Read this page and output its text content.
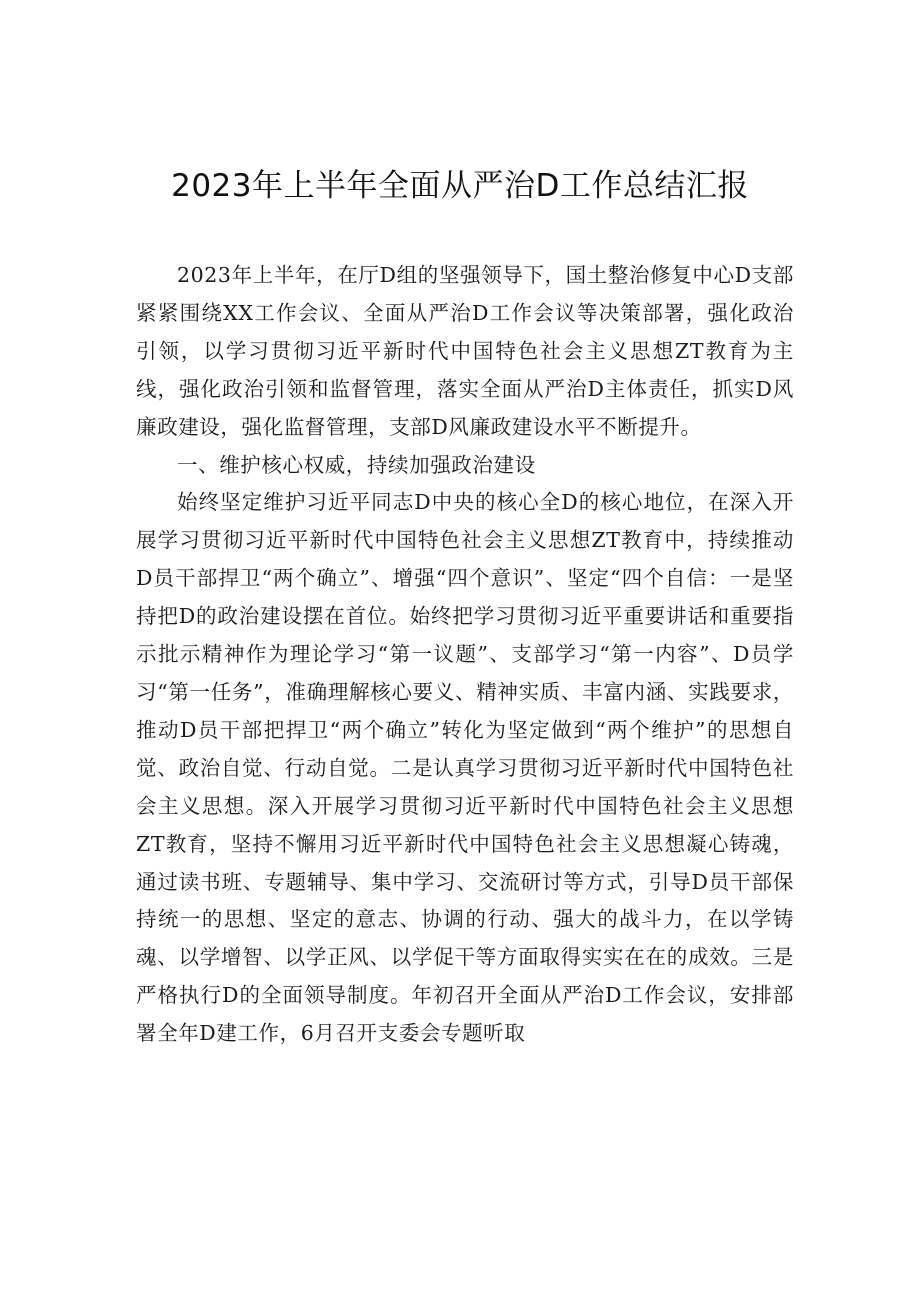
2023年上半年全面从严治D工作总结汇报

2023年上半年，在厅D组的坚强领导下，国土整治修复中心D支部紧紧围绕XX工作会议、全面从严治D工作会议等决策部署，强化政治引领，以学习贯彻习近平新时代中国特色社会主义思想ZT教育为主线，强化政治引领和监督管理，落实全面从严治D主体责任，抓实D风廉政建设，强化监督管理，支部D风廉政建设水平不断提升。

一、维护核心权威，持续加强政治建设

始终坚定维护习近平同志D中央的核心全D的核心地位，在深入开展学习贯彻习近平新时代中国特色社会主义思想ZT教育中，持续推动D员干部捍卫“两个确立”、增强“四个意识”、坚定“四个自信：一是坚持把D的政治建设摆在首位。始终把学习贯彻习近平重要讲话和重要指示批示精神作为理论学习“第一议题”、支部学习“第一内容”、D员学习“第一任务”，准确理解核心要义、精神实质、丰富内涵、实践要求，推动D员干部把捍卫“两个确立”转化为坚定做到“两个维护”的思想自觉、政治自觉、行动自觉。二是认真学习贯彻习近平新时代中国特色社会主义思想。深入开展学习贯彻习近平新时代中国特色社会主义思想ZT教育，坚持不懈用习近平新时代中国特色社会主义思想凝心铸魂，通过读书班、专题辅导、集中学习、交流研讨等方式，引导D员干部保持统一的思想、坚定的意志、协调的行动、强大的战斗力，在以学铸魂、以学增智、以学正风、以学促干等方面取得实实在在的成效。三是严格执行D的全面领导制度。年初召开全面从严治D工作会议，安排部署全年D建工作，6月召开支委会专题听取
